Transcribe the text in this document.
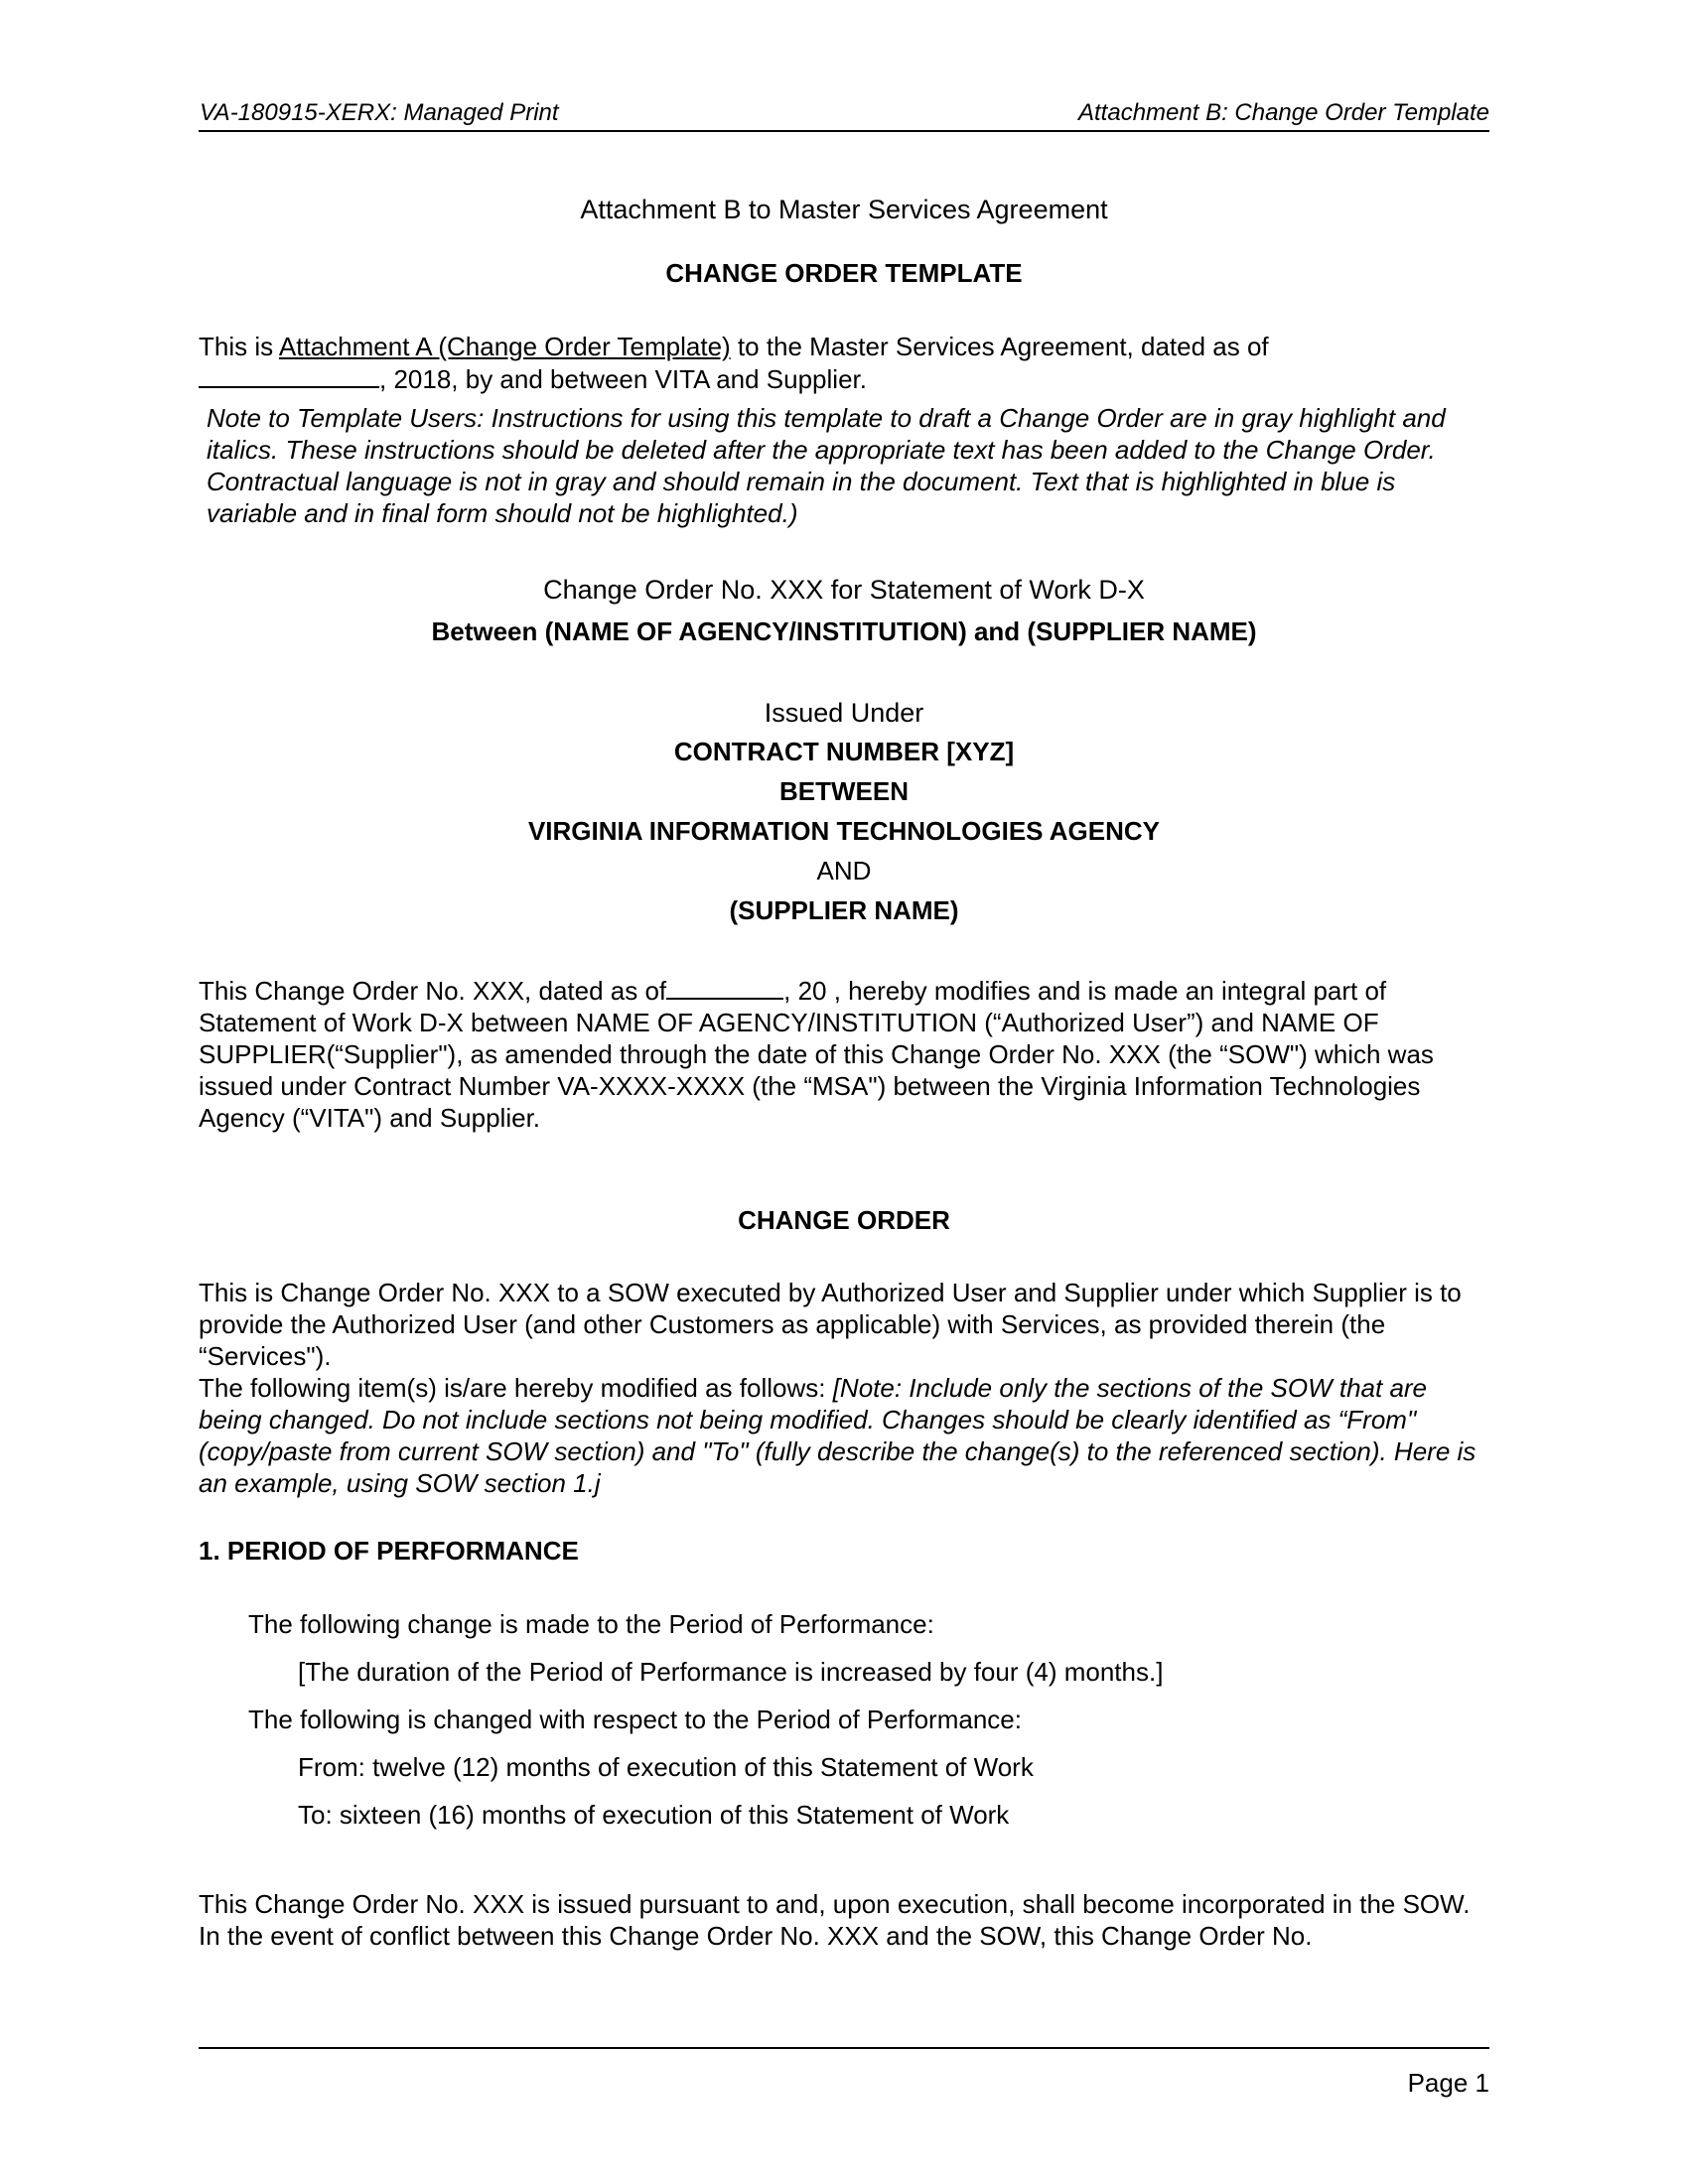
VA-180915-XERX: Managed Print	Attachment B: Change Order Template
Attachment B to Master Services Agreement
CHANGE ORDER TEMPLATE
This is Attachment A (Change Order Template) to the Master Services Agreement, dated as of
, 2018, by and between VITA and Supplier.
Note to Template Users: Instructions for using this template to draft a Change Order are in gray highlight and italics. These instructions should be deleted after the appropriate text has been added to the Change Order. Contractual language is not in gray and should remain in the document. Text that is highlighted in blue is variable and in final form should not be highlighted.)
Change Order No. XXX for Statement of Work D-X
Between (NAME OF AGENCY/INSTITUTION) and (SUPPLIER NAME)
Issued Under
CONTRACT NUMBER [XYZ]
BETWEEN
VIRGINIA INFORMATION TECHNOLOGIES AGENCY
AND
(SUPPLIER NAME)
This Change Order No. XXX, dated as of	, 20 , hereby modifies and is made an integral part of Statement of Work D-X between NAME OF AGENCY/INSTITUTION (“Authorized User”) and NAME OF SUPPLIER(“Supplier"), as amended through the date of this Change Order No. XXX (the “SOW") which was issued under Contract Number VA-XXXX-XXXX (the “MSA") between the Virginia Information Technologies Agency (“VITA") and Supplier.
CHANGE ORDER
This is Change Order No. XXX to a SOW executed by Authorized User and Supplier under which Supplier is to provide the Authorized User (and other Customers as applicable) with Services, as provided therein (the “Services").
The following item(s) is/are hereby modified as follows: [Note: Include only the sections of the SOW that are being changed. Do not include sections not being modified. Changes should be clearly identified as “From" (copy/paste from current SOW section) and "To" (fully describe the change(s) to the referenced section). Here is an example, using SOW section 1.j
1. PERIOD OF PERFORMANCE
The following change is made to the Period of Performance:
[The duration of the Period of Performance is increased by four (4) months.]
The following is changed with respect to the Period of Performance:
From: twelve (12) months of execution of this Statement of Work
To: sixteen (16) months of execution of this Statement of Work
This Change Order No. XXX is issued pursuant to and, upon execution, shall become incorporated in the SOW. In the event of conflict between this Change Order No. XXX and the SOW, this Change Order No.
Page 1
